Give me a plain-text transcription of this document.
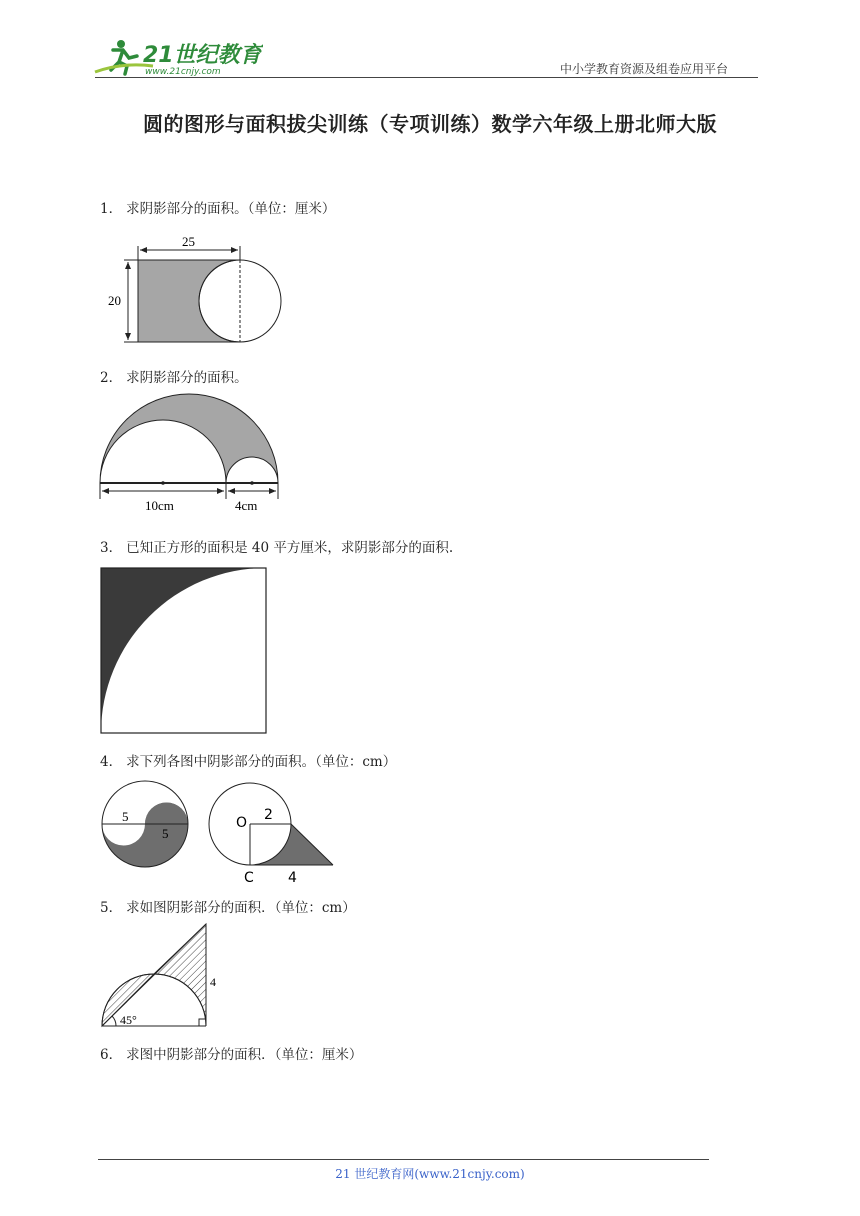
21世纪教育
www.21cnjy.com	中小学教育资源及组卷应用平台
圆的图形与面积拔尖训练（专项训练）数学六年级上册北师大版
1． 求阴影部分的面积。（单位：厘米）
25
20
2． 求阴影部分的面积。
10cm	4cm
3． 已知正方形的面积是 40 平方厘米，求阴影部分的面积.
4． 求下列各图中阴影部分的面积。（单位：cm）
5
5
O 2
C 4
5． 求如图阴影部分的面积．（单位：cm）
45°
4
6． 求图中阴影部分的面积．（单位：厘米）
21 世纪教育网(www.21cnjy.com)
